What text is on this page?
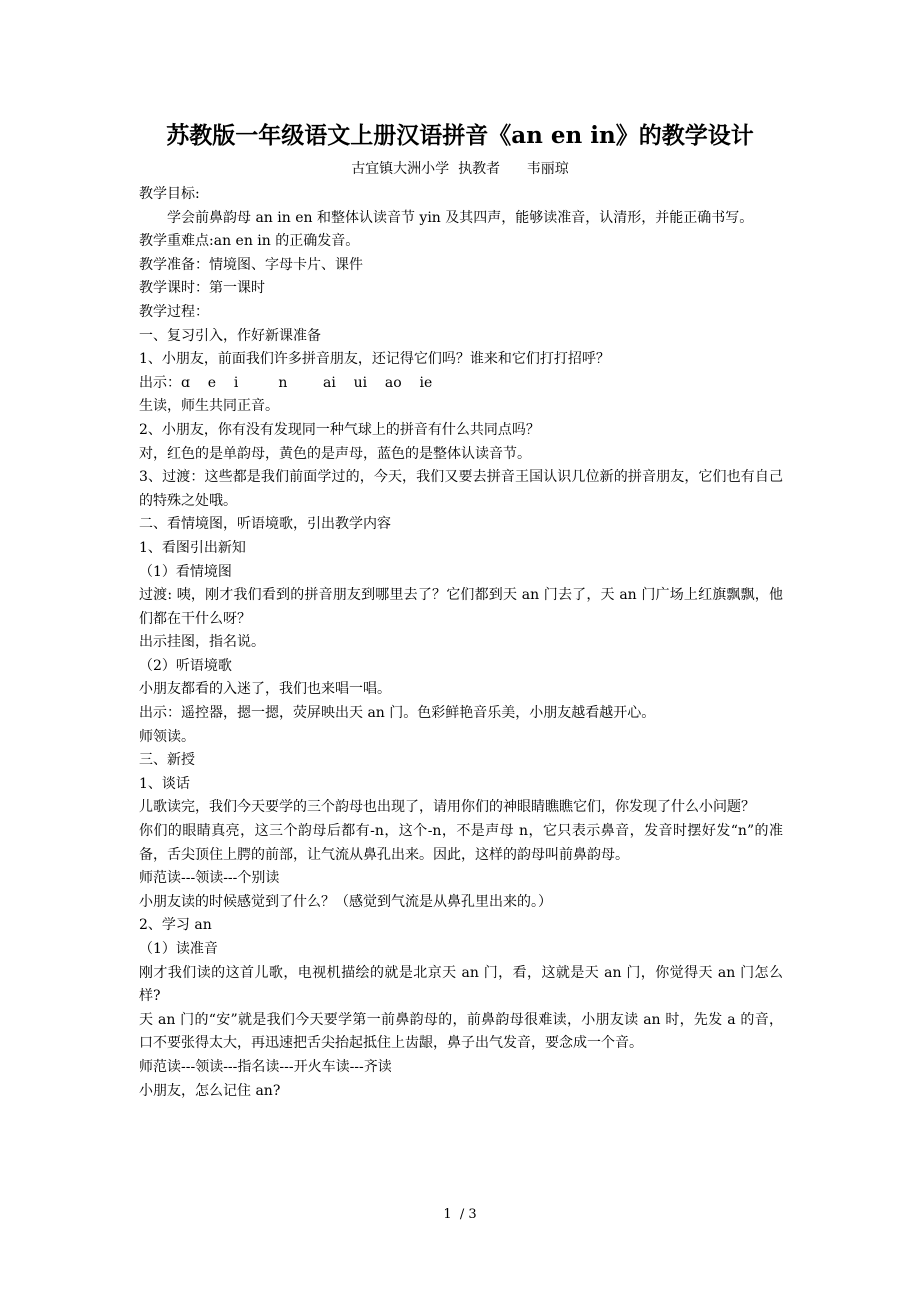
苏教版一年级语文上册汉语拼音《an en in》的教学设计
古宜镇大洲小学  执教者      韦丽琼

教学目标:

学会前鼻韵母 an in en 和整体认读音节 yin 及其四声，能够读准音，认清形，并能正确书写。

教学重难点:an en in 的正确发音。

教学准备：情境图、字母卡片、课件

教学课时：第一课时

教学过程：

一、复习引入，作好新课准备

1、小朋友，前面我们许多拼音朋友，还记得它们吗？谁来和它们打打招呼？

出示：ɑ    e    i         n        ai    ui    ao    ie

生读，师生共同正音。

2、小朋友，你有没有发现同一种气球上的拼音有什么共同点吗？

对，红色的是单韵母，黄色的是声母，蓝色的是整体认读音节。

3、过渡：这些都是我们前面学过的，今天，我们又要去拼音王国认识几位新的拼音朋友，它们也有自己的特殊之处哦。

二、看情境图，听语境歌，引出教学内容

1、看图引出新知

（1）看情境图

过渡: 咦，刚才我们看到的拼音朋友到哪里去了？它们都到天 an 门去了，天 an 门广场上红旗飘飘，他们都在干什么呀？

出示挂图，指名说。

（2）听语境歌

小朋友都看的入迷了，我们也来唱一唱。

出示：遥控器，摁一摁，荧屏映出天 an 门。色彩鲜艳音乐美，小朋友越看越开心。

师领读。

三、新授

1、谈话

儿歌读完，我们今天要学的三个韵母也出现了，请用你们的神眼睛瞧瞧它们，你发现了什么小问题？

你们的眼睛真亮，这三个韵母后都有-n，这个-n，不是声母 n，它只表示鼻音，发音时摆好发“n”的准备，舌尖顶住上腭的前部，让气流从鼻孔出来。因此，这样的韵母叫前鼻韵母。

师范读---领读---个别读

小朋友读的时候感觉到了什么？（感觉到气流是从鼻孔里出来的。）

2、学习 an

（1）读准音

刚才我们读的这首儿歌，电视机描绘的就是北京天 an 门，看，这就是天 an 门，你觉得天 an 门怎么样?

天 an 门的“安”就是我们今天要学第一前鼻韵母的，前鼻韵母很难读，小朋友读 an 时，先发 a 的音，口不要张得太大，再迅速把舌尖抬起抵住上齿龈，鼻子出气发音，要念成一个音。

师范读---领读---指名读---开火车读---齐读

小朋友，怎么记住 an?

1  / 3
